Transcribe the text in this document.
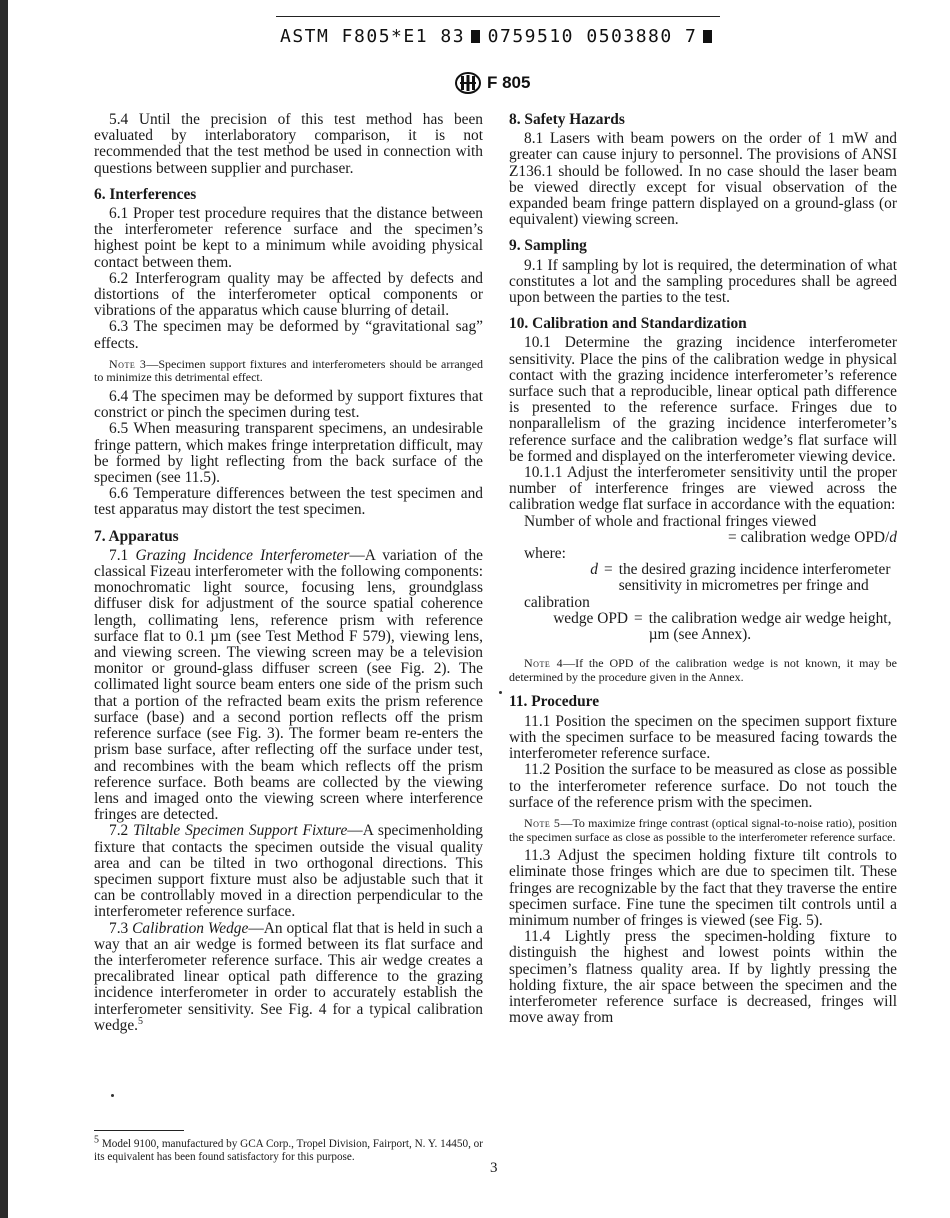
ASTM F805*E1 83 0759510 0503880 7
F 805

5.4 Until the precision of this test method has been evaluated by interlaboratory comparison, it is not recommended that the test method be used in connection with questions between supplier and purchaser.

6. Interferences

6.1 Proper test procedure requires that the distance between the interferometer reference surface and the specimen’s highest point be kept to a minimum while avoiding physical contact between them.

6.2 Interferogram quality may be affected by defects and distortions of the interferometer optical components or vibrations of the apparatus which cause blurring of detail.

6.3 The specimen may be deformed by “gravitational sag” effects.

Note 3—Specimen support fixtures and interferometers should be arranged to minimize this detrimental effect.

6.4 The specimen may be deformed by support fixtures that constrict or pinch the specimen during test.

6.5 When measuring transparent specimens, an undesirable fringe pattern, which makes fringe interpretation difficult, may be formed by light reflecting from the back surface of the specimen (see 11.5).

6.6 Temperature differences between the test specimen and test apparatus may distort the test specimen.

7. Apparatus

7.1 Grazing Incidence Interferometer—A variation of the classical Fizeau interferometer with the following components: monochromatic light source, focusing lens, groundglass diffuser disk for adjustment of the source spatial coherence length, collimating lens, reference prism with reference surface flat to 0.1 µm (see Test Method F 579), viewing lens, and viewing screen. The viewing screen may be a television monitor or ground-glass diffuser screen (see Fig. 2). The collimated light source beam enters one side of the prism such that a portion of the refracted beam exits the prism reference surface (base) and a second portion reflects off the prism reference surface (see Fig. 3). The former beam re-enters the prism base surface, after reflecting off the surface under test, and recombines with the beam which reflects off the prism reference surface. Both beams are collected by the viewing lens and imaged onto the viewing screen where interference fringes are detected.

7.2 Tiltable Specimen Support Fixture—A specimenholding fixture that contacts the specimen outside the visual quality area and can be tilted in two orthogonal directions. This specimen support fixture must also be adjustable such that it can be controllably moved in a direction perpendicular to the interferometer reference surface.

7.3 Calibration Wedge—An optical flat that is held in such a way that an air wedge is formed between its flat surface and the interferometer reference surface. This air wedge creates a precalibrated linear optical path difference to the grazing incidence interferometer in order to accurately establish the interferometer sensitivity. See Fig. 4 for a typical calibration wedge.$^5$

$^5$ Model 9100, manufactured by GCA Corp., Tropel Division, Fairport, N. Y. 14450, or its equivalent has been found satisfactory for this purpose.
8. Safety Hazards

8.1 Lasers with beam powers on the order of 1 mW and greater can cause injury to personnel. The provisions of ANSI Z136.1 should be followed. In no case should the laser beam be viewed directly except for visual observation of the expanded beam fringe pattern displayed on a ground-glass (or equivalent) viewing screen.

9. Sampling

9.1 If sampling by lot is required, the determination of what constitutes a lot and the sampling procedures shall be agreed upon between the parties to the test.

10. Calibration and Standardization

10.1 Determine the grazing incidence interferometer sensitivity. Place the pins of the calibration wedge in physical contact with the grazing incidence interferometer’s reference surface such that a reproducible, linear optical path difference is presented to the reference surface. Fringes due to nonparallelism of the grazing incidence interferometer’s reference surface and the calibration wedge’s flat surface will be formed and displayed on the interferometer viewing device.

10.1.1 Adjust the interferometer sensitivity until the proper number of interference fringes are viewed across the calibration wedge flat surface in accordance with the equation:

Number of whole and fractional fringes viewed

= calibration wedge OPD/d

where:

d = the desired grazing incidence interferometer sensitivity in micrometres per fringe and

calibration

wedge OPD = the calibration wedge air wedge height, µm (see Annex).

Note 4—If the OPD of the calibration wedge is not known, it may be determined by the procedure given in the Annex.

11. Procedure

11.1 Position the specimen on the specimen support fixture with the specimen surface to be measured facing towards the interferometer reference surface.

11.2 Position the surface to be measured as close as possible to the interferometer reference surface. Do not touch the surface of the reference prism with the specimen.

Note 5—To maximize fringe contrast (optical signal-to-noise ratio), position the specimen surface as close as possible to the interferometer reference surface.

11.3 Adjust the specimen holding fixture tilt controls to eliminate those fringes which are due to specimen tilt. These fringes are recognizable by the fact that they traverse the entire specimen surface. Fine tune the specimen tilt controls until a minimum number of fringes is viewed (see Fig. 5).

11.4 Lightly press the specimen-holding fixture to distinguish the highest and lowest points within the specimen’s flatness quality area. If by lightly pressing the holding fixture, the air space between the specimen and the interferometer reference surface is decreased, fringes will move away from

3
